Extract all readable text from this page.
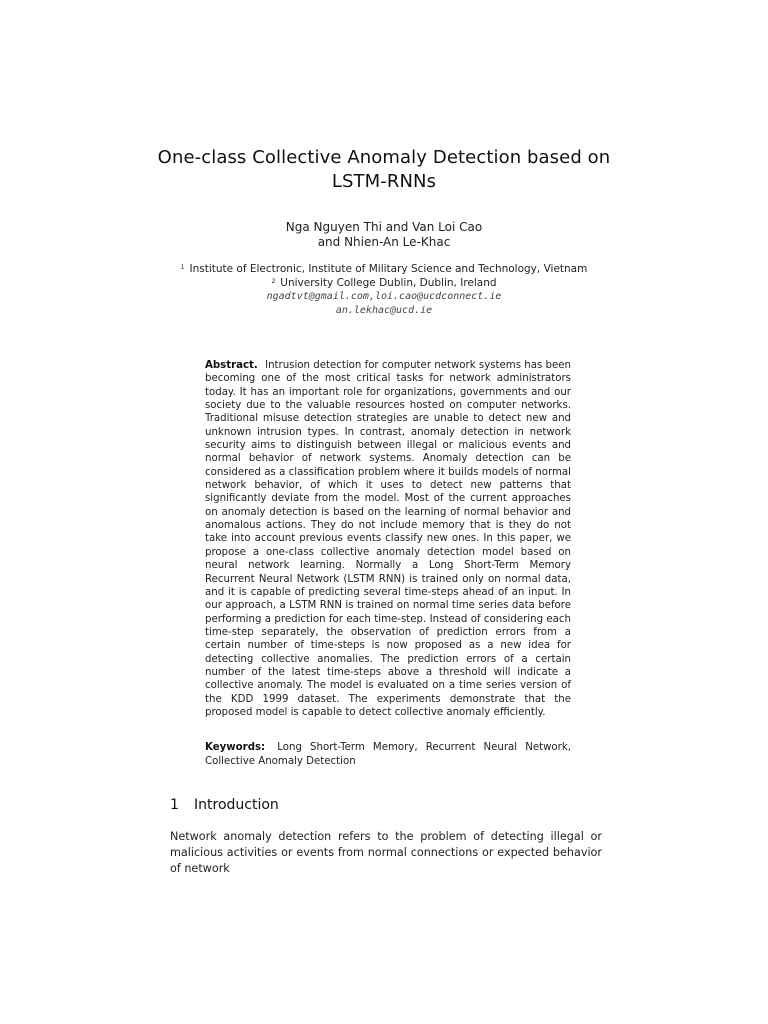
One-class Collective Anomaly Detection based on
LSTM-RNNs
Nga Nguyen Thi and Van Loi Cao
and Nhien-An Le-Khac
$^1$ Institute of Electronic, Institute of Military Science and Technology, Vietnam
$^2$ University College Dublin, Dublin, Ireland
ngadtvt@gmail.com,loi.cao@ucdconnect.ie
an.lekhac@ucd.ie
Abstract. Intrusion detection for computer network systems has been becoming one of the most critical tasks for network administrators today. It has an important role for organizations, governments and our society due to the valuable resources hosted on computer networks. Traditional misuse detection strategies are unable to detect new and unknown intrusion types. In contrast, anomaly detection in network security aims to distinguish between illegal or malicious events and normal behavior of network systems. Anomaly detection can be considered as a classification problem where it builds models of normal network behavior, of which it uses to detect new patterns that significantly deviate from the model. Most of the current approaches on anomaly detection is based on the learning of normal behavior and anomalous actions. They do not include memory that is they do not take into account previous events classify new ones. In this paper, we propose a one-class collective anomaly detection model based on neural network learning. Normally a Long Short-Term Memory Recurrent Neural Network (LSTM RNN) is trained only on normal data, and it is capable of predicting several time-steps ahead of an input. In our approach, a LSTM RNN is trained on normal time series data before performing a prediction for each time-step. Instead of considering each time-step separately, the observation of prediction errors from a certain number of time-steps is now proposed as a new idea for detecting collective anomalies. The prediction errors of a certain number of the latest time-steps above a threshold will indicate a collective anomaly. The model is evaluated on a time series version of the KDD 1999 dataset. The experiments demonstrate that the proposed model is capable to detect collective anomaly efficiently.
Keywords: Long Short-Term Memory, Recurrent Neural Network, Collective Anomaly Detection
1 Introduction
Network anomaly detection refers to the problem of detecting illegal or malicious activities or events from normal connections or expected behavior of network
